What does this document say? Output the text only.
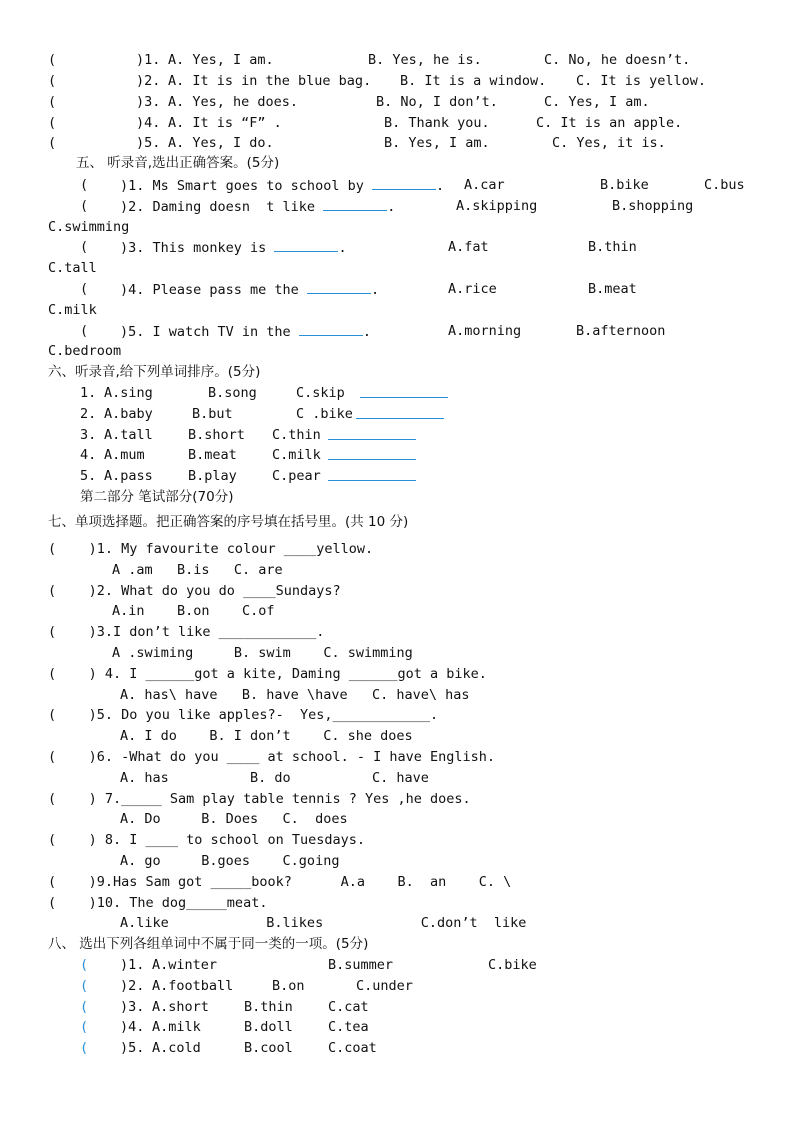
(	)1. A. Yes, I am.	B. Yes, he is.	C. No, he doesn’t.
(	)2. A. It is in the blue bag. B. It is a window. C. It is yellow.
(	)3. A. Yes, he does.	B. No, I don’t.	C. Yes, I am.
(	)4. A. It is “F” .	B. Thank you.	C. It is an apple.
(	)5. A. Yes, I do.	B. Yes, I am.	C. Yes, it is.
五、 听录音,选出正确答案。(5分)
( )1. Ms Smart goes to school by	. A.car	B.bike	C.bus
( )2. Daming doesn  t like	.	A.skipping	B.shopping
C.swimming
( )3. This monkey is	.	A.fat	B.thin
C.tall
( )4. Please pass me the	.	A.rice	B.meat
C.milk
( )5. I watch TV in the	.	A.morning	B.afternoon
C.bedroom
六、听录音,给下列单词排序。(5分)
1. A.sing	B.song	C.skip
2. A.baby	B.but	C .bike
3. A.tall	B.short C.thin
4. A.mum	B.meat	C.milk
5. A.pass	B.play	C.pear
第二部分 笔试部分(70分)
七、单项选择题。把正确答案的序号填在括号里。(共 10 分)
(    )1. My favourite colour ____yellow.
A .am   B.is   C. are
(    )2. What do you do ____Sundays?
A.in    B.on    C.of
(    )3.I don’t like ____________.
A .swiming     B. swim    C. swimming
(    ) 4. I ______got a kite, Daming ______got a bike.
A. has\ have   B. have \have   C. have\ has
(    )5. Do you like apples?-  Yes,____________.
A. I do    B. I don’t    C. she does
(    )6. -What do you ____ at school. - I have English.
A. has          B. do          C. have
(    ) 7._____ Sam play table tennis ? Yes ,he does.
A. Do     B. Does   C.  does
(    ) 8. I ____ to school on Tuesdays.
A. go     B.goes    C.going
(    )9.Has Sam got _____book?      A.a    B.  an    C. \
(    )10. The dog_____meat.
A.like            B.likes            C.don’t  like
八、 选出下列各组单词中不属于同一类的一项。(5分)
( )1. A.winter	B.summer	C.bike
( )2. A.football	B.on	C.under
( )3. A.short	B.thin	C.cat
( )4. A.milk	B.doll	C.tea
( )5. A.cold	B.cool	C.coat
